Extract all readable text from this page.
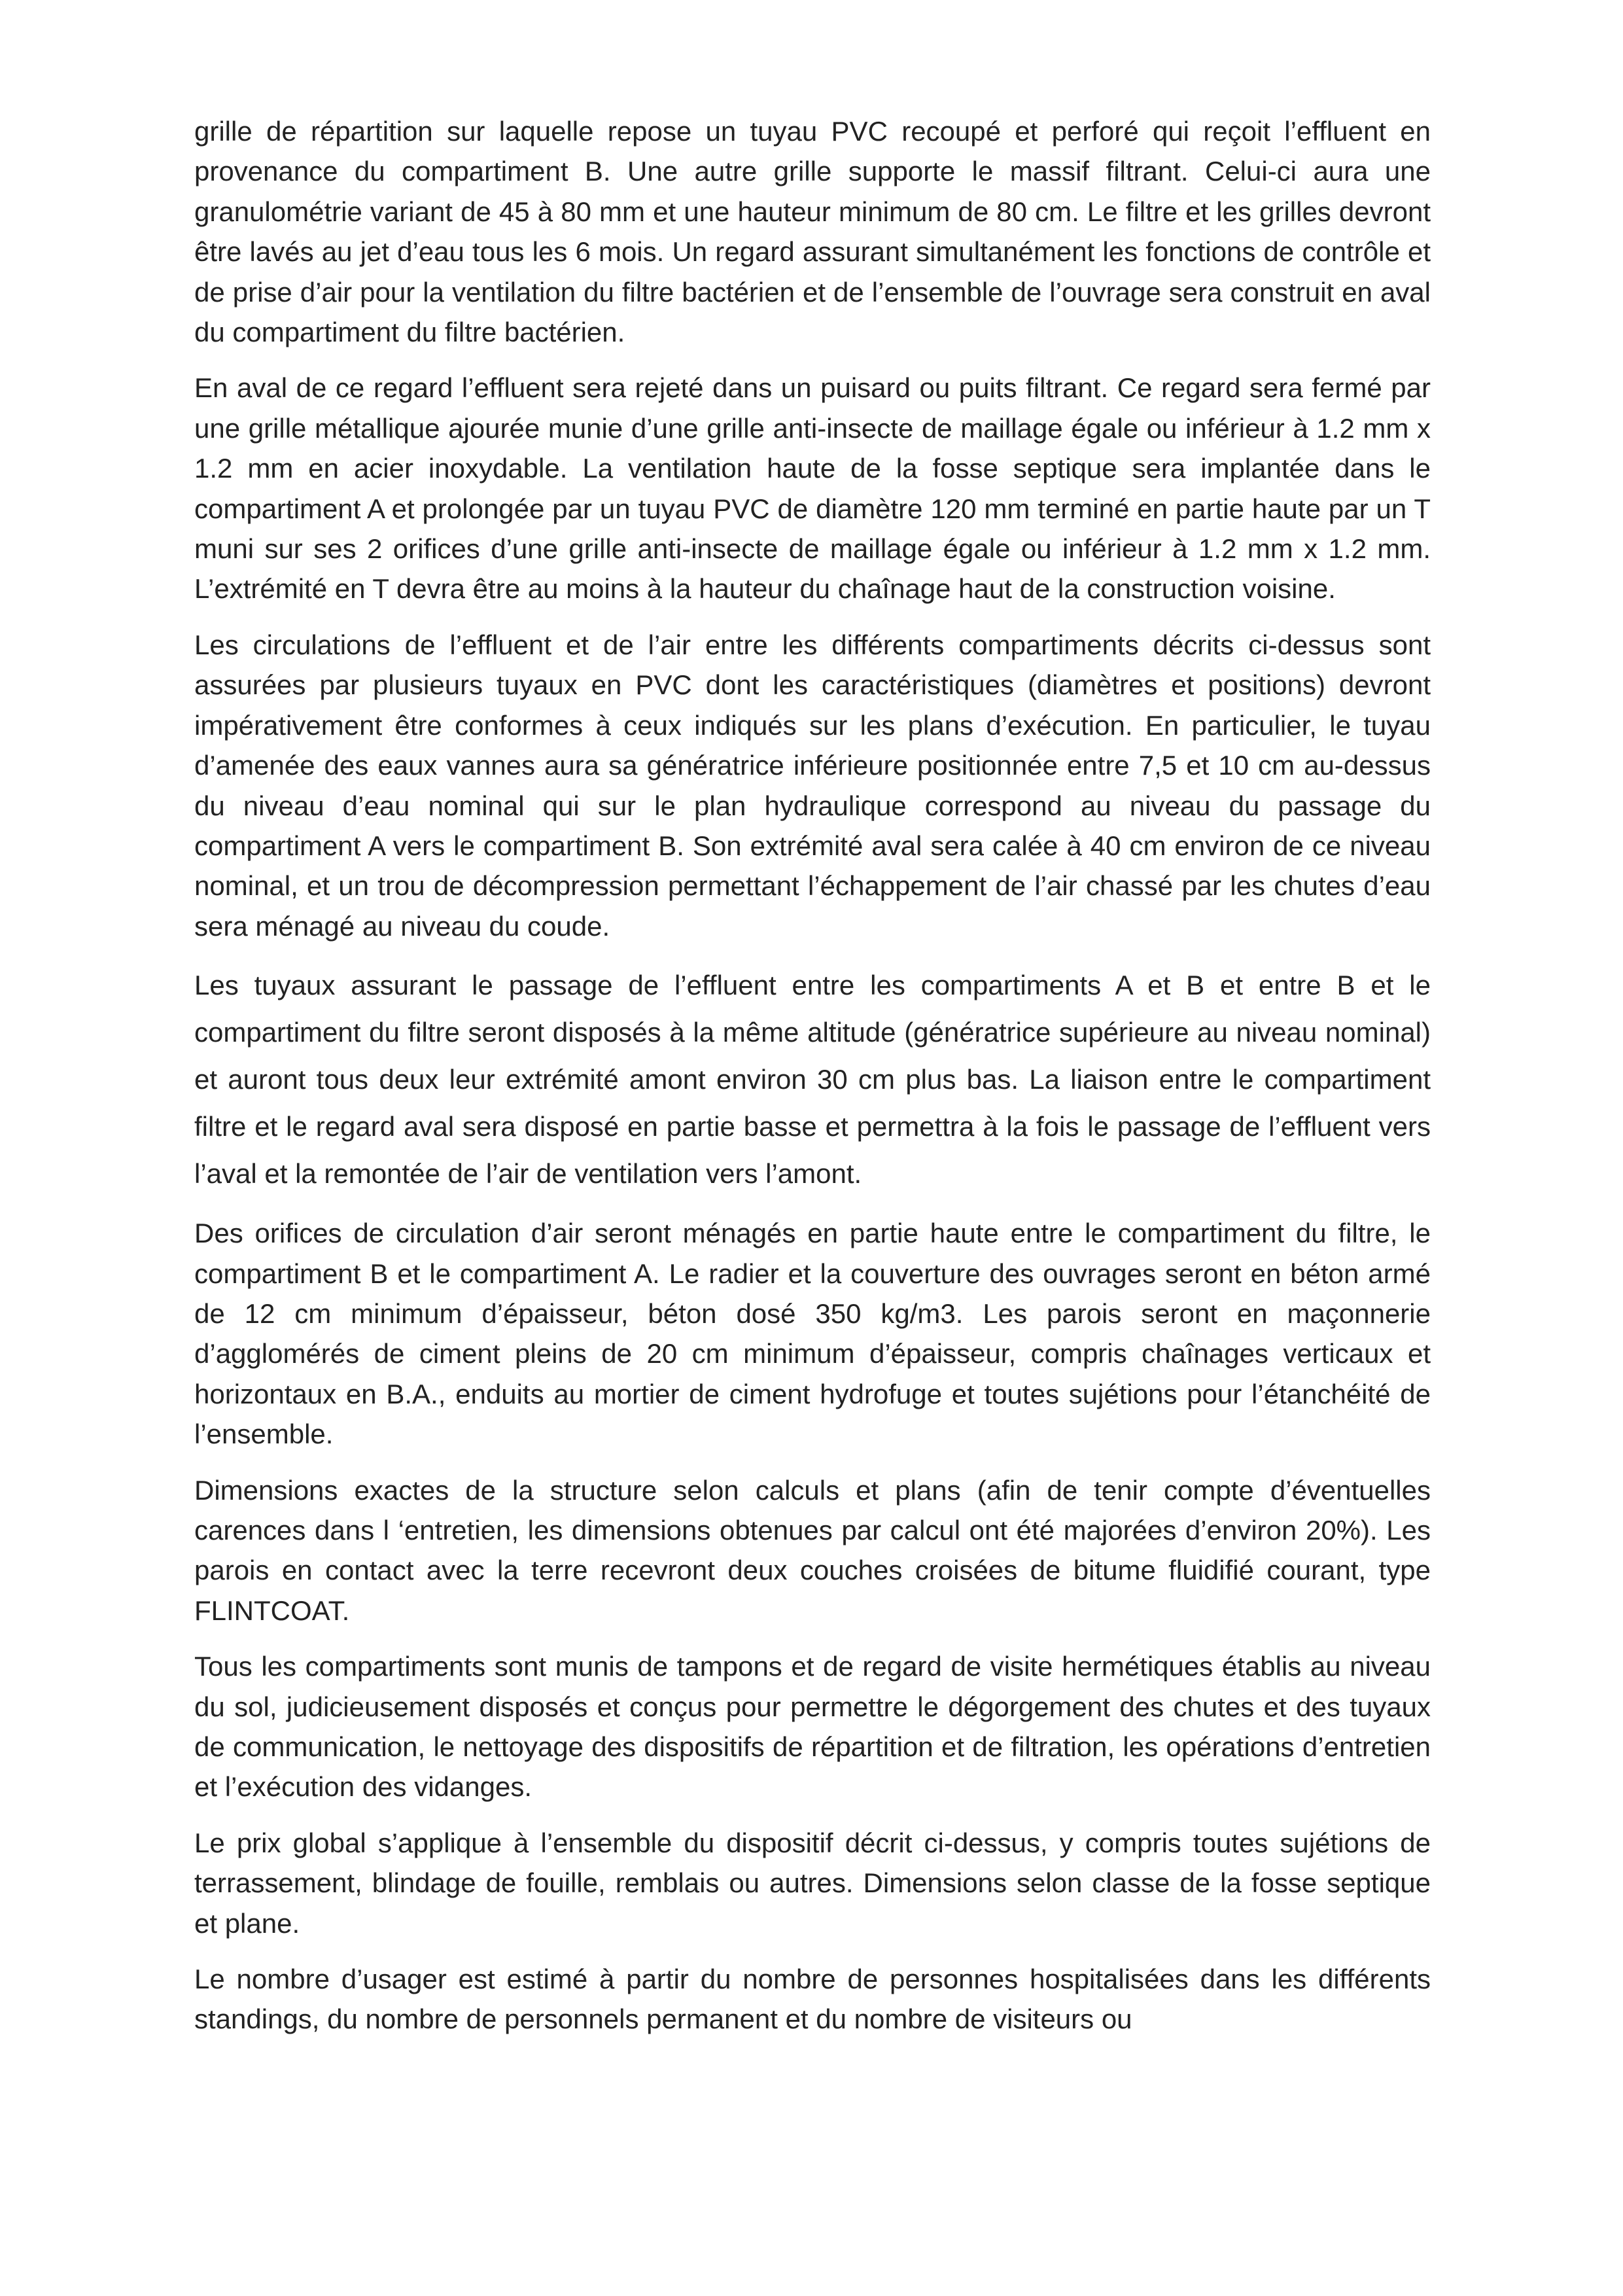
grille de répartition sur laquelle repose un tuyau PVC recoupé et perforé qui reçoit l’effluent en provenance du compartiment B. Une autre grille supporte le massif filtrant. Celui-ci aura une granulométrie variant de 45 à 80 mm et une hauteur minimum de 80 cm. Le filtre et les grilles devront être lavés au jet d’eau tous les 6 mois. Un regard assurant simultanément les fonctions de contrôle et de prise d’air pour la ventilation du filtre bactérien et de l’ensemble de l’ouvrage sera construit en aval du compartiment du filtre bactérien.

En aval de ce regard l’effluent sera rejeté dans un puisard ou puits filtrant. Ce regard sera fermé par une grille métallique ajourée munie d’une grille anti-insecte de maillage égale ou inférieur à 1.2 mm x 1.2 mm en acier inoxydable. La ventilation haute de la fosse septique sera implantée dans le compartiment A et prolongée par un tuyau PVC de diamètre 120 mm terminé en partie haute par un T muni sur ses 2 orifices d’une grille anti-insecte de maillage égale ou inférieur à 1.2 mm x 1.2 mm. L’extrémité en T devra être au moins à la hauteur du chaînage haut de la construction voisine.

Les circulations de l’effluent et de l’air entre les différents compartiments décrits ci-dessus sont assurées par plusieurs tuyaux en PVC dont les caractéristiques (diamètres et positions) devront impérativement être conformes à ceux indiqués sur les plans d’exécution. En particulier, le tuyau d’amenée des eaux vannes aura sa génératrice inférieure positionnée entre 7,5 et 10 cm au-dessus du niveau d’eau nominal qui sur le plan hydraulique correspond au niveau du passage du compartiment A vers le compartiment B. Son extrémité aval sera calée à 40 cm environ de ce niveau nominal, et un trou de décompression permettant l’échappement de l’air chassé par les chutes d’eau sera ménagé au niveau du coude.

Les tuyaux assurant le passage de l’effluent entre les compartiments A et B et entre B et le compartiment du filtre seront disposés à la même altitude (génératrice supérieure au niveau nominal) et auront tous deux leur extrémité amont environ 30 cm plus bas. La liaison entre le compartiment filtre et le regard aval sera disposé en partie basse et permettra à la fois le passage de l’effluent vers l’aval et la remontée de l’air de ventilation vers l’amont.

Des orifices de circulation d’air seront ménagés en partie haute entre le compartiment du filtre, le compartiment B et le compartiment A. Le radier et la couverture des ouvrages seront en béton armé de 12 cm minimum d’épaisseur, béton dosé 350 kg/m3. Les parois seront en maçonnerie d’agglomérés de ciment pleins de 20 cm minimum d’épaisseur, compris chaînages verticaux et horizontaux en B.A., enduits au mortier de ciment hydrofuge et toutes sujétions pour l’étanchéité de l’ensemble.

Dimensions exactes de la structure selon calculs et plans (afin de tenir compte d’éventuelles carences dans l ‘entretien, les dimensions obtenues par calcul ont été majorées d’environ 20%). Les parois en contact avec la terre recevront deux couches croisées de bitume fluidifié courant, type FLINTCOAT.

Tous les compartiments sont munis de tampons et de regard de visite hermétiques établis au niveau du sol, judicieusement disposés et conçus pour permettre le dégorgement des chutes et des tuyaux de communication, le nettoyage des dispositifs de répartition et de filtration, les opérations d’entretien et l’exécution des vidanges.

Le prix global s’applique à l’ensemble du dispositif décrit ci-dessus, y compris toutes sujétions de terrassement, blindage de fouille, remblais ou autres. Dimensions selon classe de la fosse septique et plane.

Le nombre d’usager est estimé à partir du nombre de personnes hospitalisées dans les différents standings, du nombre de personnels permanent et du nombre de visiteurs ou
